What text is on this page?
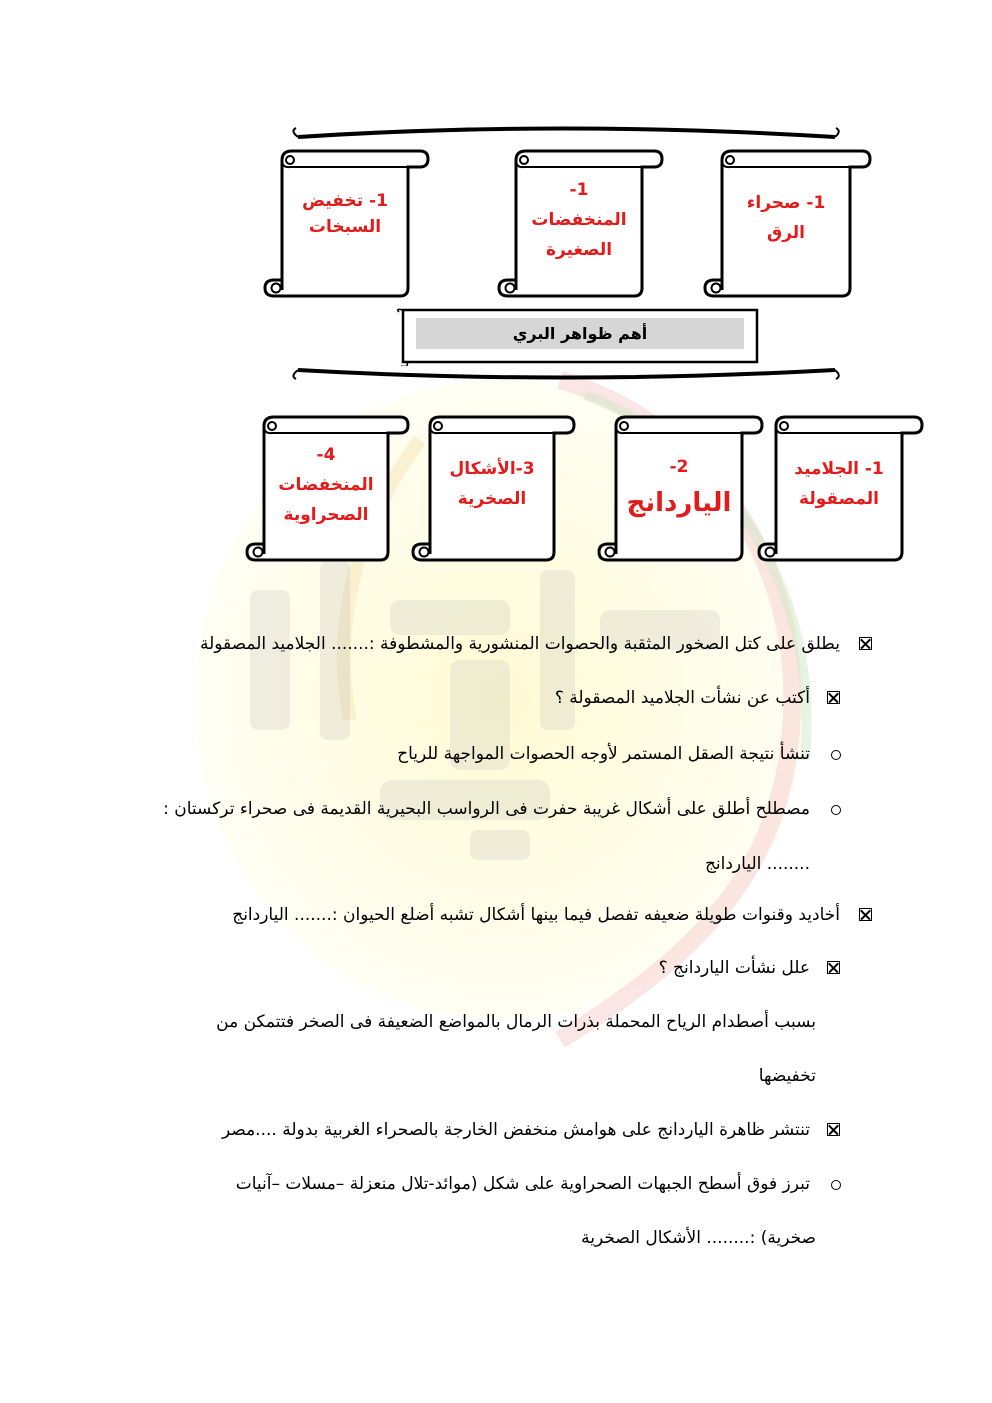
1- تخفيض
السبخات
1-
المنخفضات
الصغيرة
1- صحراء
الرق
4-
المنخفضات
الصحراوية
3-الأشكال
الصخرية
2-
الياردانج
1- الجلاميد
المصقولة
أهم ظواهر البري
يطلق على كتل الصخور المثقبة والحصوات المنشورية والمشطوفة :....... الجلاميد المصقولة
أكتب عن نشأت الجلاميد المصقولة ؟
تنشأ نتيجة الصقل المستمر لأوجه الحصوات المواجهة للرياح
مصطلح أطلق على أشكال غريبة حفرت فى الرواسب البحيرية القديمة فى صحراء تركستان :
........ الياردانج
أخاديد وقنوات طويلة ضعيفه تفصل فيما بينها أشكال تشبه أضلع الحيوان :....... الياردانج
علل نشأت الياردانج ؟
بسبب أصطدام الرياح المحملة بذرات الرمال بالمواضع الضعيفة فى الصخر فتتمكن من
تخفيضها
تنتشر ظاهرة الياردانج على هوامش منخفض الخارجة بالصحراء الغربية بدولة ....مصر
تبرز فوق أسطح الجبهات الصحراوية على شكل (موائد-تلال منعزلة –مسلات –آنيات
صخرية) :........ الأشكال الصخرية
